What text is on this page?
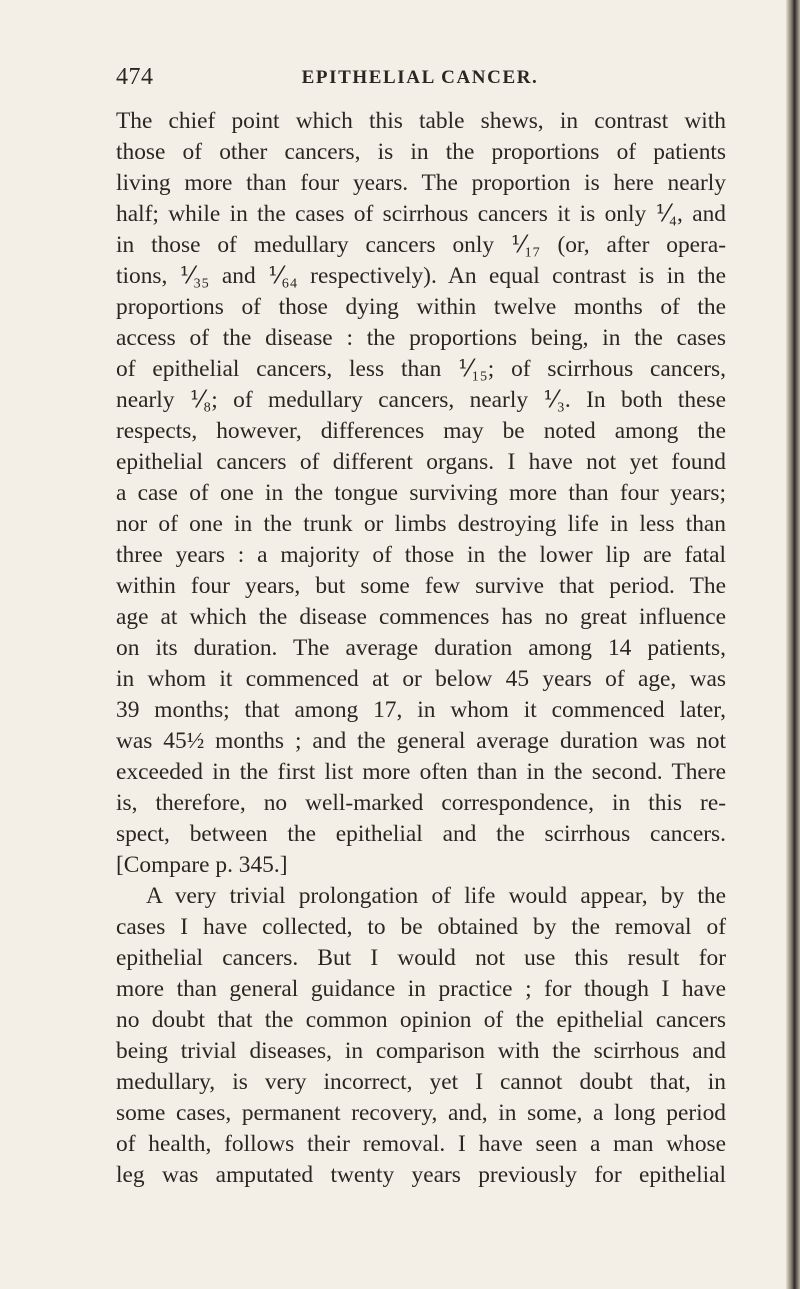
474	EPITHELIAL CANCER.
The chief point which this table shews, in contrast with
those of other cancers, is in the proportions of patients
living more than four years. The proportion is here nearly
half; while in the cases of scirrhous cancers it is only ⅟₄, and
in those of medullary cancers only ⅟₁₇ (or, after opera-
tions, ⅟₃₅ and ⅟₆₄ respectively). An equal contrast is in the
proportions of those dying within twelve months of the
access of the disease : the proportions being, in the cases
of epithelial cancers, less than ⅟₁₅; of scirrhous cancers,
nearly ⅟₈; of medullary cancers, nearly ⅟₃. In both these
respects, however, differences may be noted among the
epithelial cancers of different organs. I have not yet found
a case of one in the tongue surviving more than four years;
nor of one in the trunk or limbs destroying life in less than
three years : a majority of those in the lower lip are fatal
within four years, but some few survive that period. The
age at which the disease commences has no great influence
on its duration. The average duration among 14 patients,
in whom it commenced at or below 45 years of age, was
39 months; that among 17, in whom it commenced later,
was 45½ months ; and the general average duration was not
exceeded in the first list more often than in the second. There
is, therefore, no well-marked correspondence, in this re-
spect, between the epithelial and the scirrhous cancers.
[Compare p. 345.]
A very trivial prolongation of life would appear, by the
cases I have collected, to be obtained by the removal of
epithelial cancers. But I would not use this result for
more than general guidance in practice ; for though I have
no doubt that the common opinion of the epithelial cancers
being trivial diseases, in comparison with the scirrhous and
medullary, is very incorrect, yet I cannot doubt that, in
some cases, permanent recovery, and, in some, a long period
of health, follows their removal. I have seen a man whose
leg was amputated twenty years previously for epithelial
